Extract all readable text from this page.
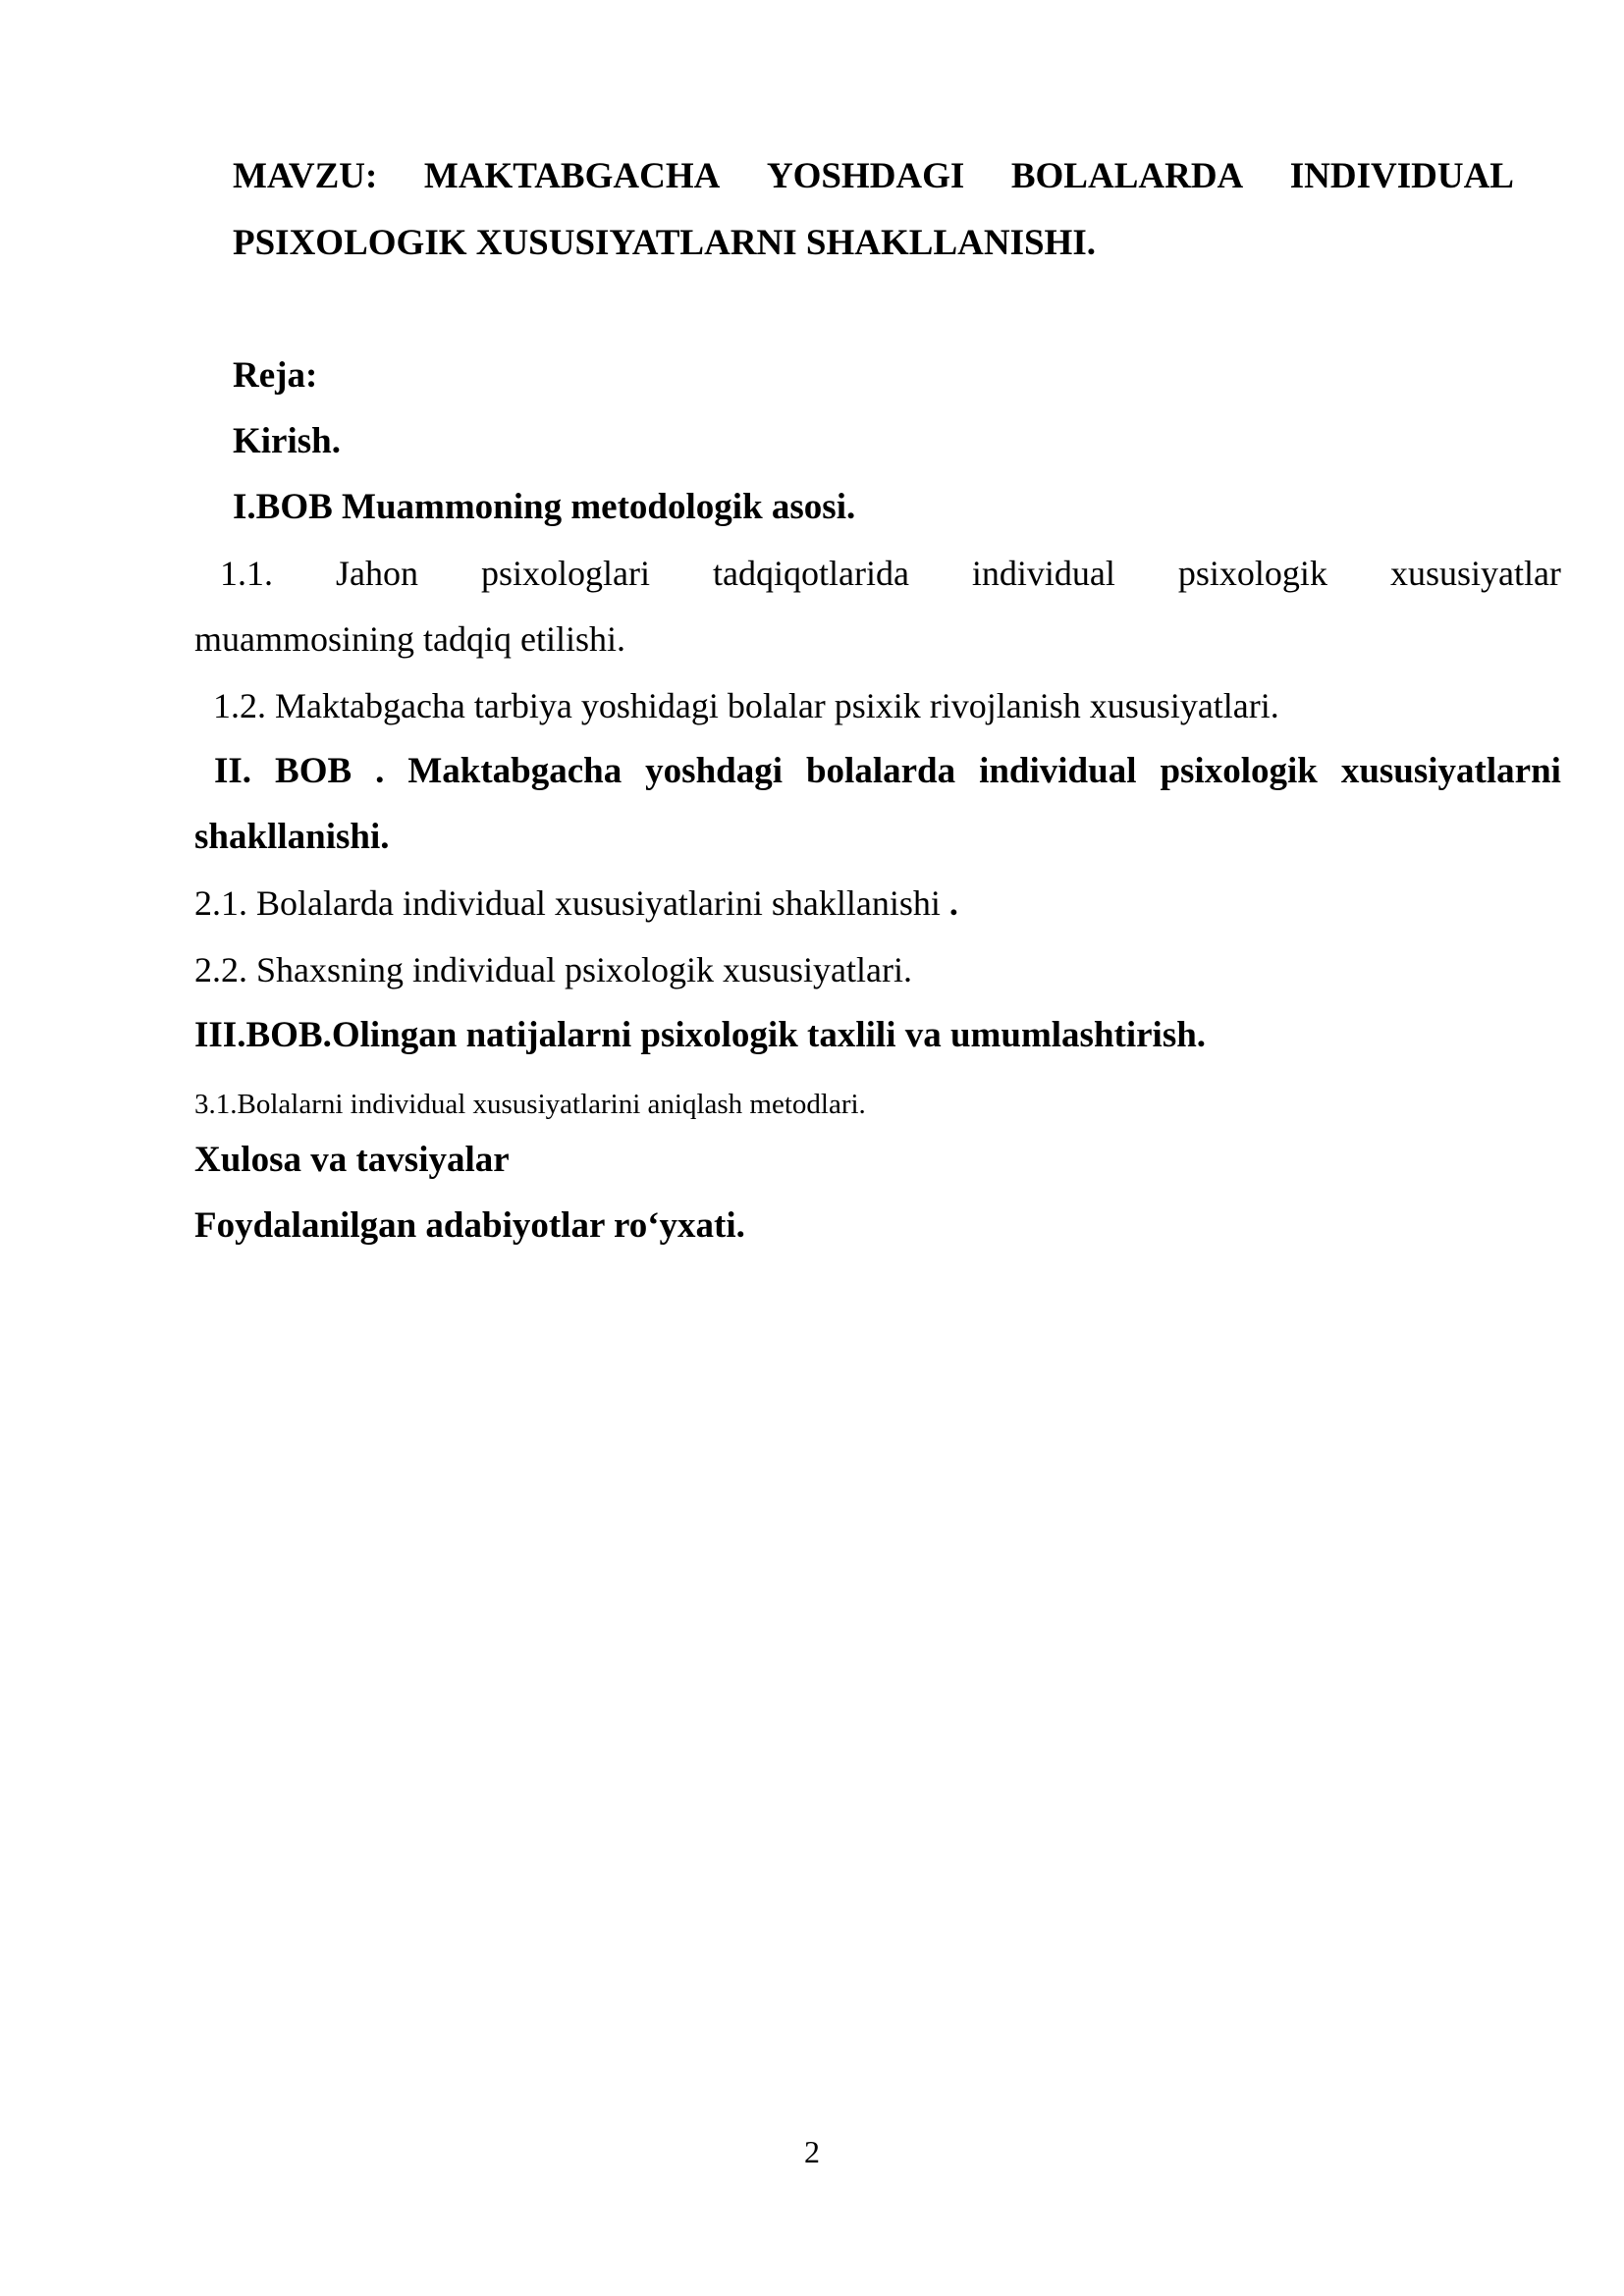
MAVZU: MAKTABGACHA YOSHDAGI BOLALARDA INDIVIDUAL
PSIXOLOGIK XUSUSIYATLARNI SHAKLLANISHI.
Reja:
Kirish.
I.BOB Muammoning metodologik asosi.
1.1. Jahon psixologlari tadqiqotlarida individual psixologik xususiyatlar
muammosining tadqiq etilishi.
1.2. Maktabgacha tarbiya yoshidagi bolalar psixik rivojlanish xususiyatlari.
II. BOB . Maktabgacha yoshdagi bolalarda individual psixologik xususiyatlarni
shakllanishi.
2.1. Bolalarda individual xususiyatlarini shakllanishi .
2.2. Shaxsning individual psixologik xususiyatlari.
III.BOB.Olingan natijalarni psixologik taxlili va umumlashtirish.
3.1.Bolalarni individual xususiyatlarini aniqlash metodlari.
Xulosa va tavsiyalar
Foydalanilgan adabiyotlar ro‘yxati.
2
